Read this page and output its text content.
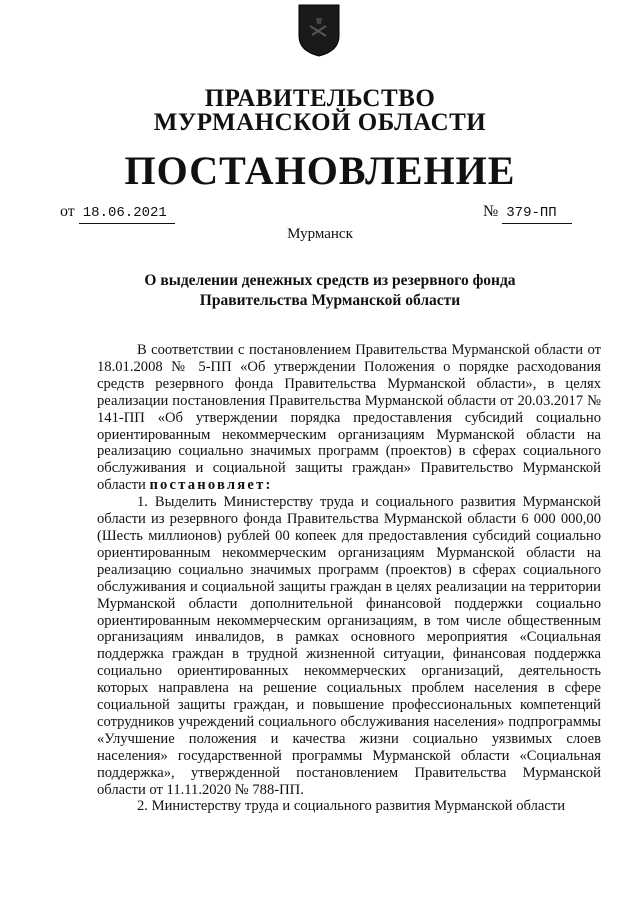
ПРАВИТЕЛЬСТВО
МУРМАНСКОЙ ОБЛАСТИ
ПОСТАНОВЛЕНИЕ
от 18.06.2021	№ 379-ПП
Мурманск
О выделении денежных средств из резервного фонда
Правительства Мурманской области

В соответствии с постановлением Правительства Мурманской области от 18.01.2008 № 5-ПП «Об утверждении Положения о порядке расходования средств резервного фонда Правительства Мурманской области», в целях реализации постановления Правительства Мурманской области от 20.03.2017 № 141-ПП «Об утверждении порядка предоставления субсидий социально ориентированным некоммерческим организациям Мурманской области на реализацию социально значимых программ (проектов) в сферах социального обслуживания и социальной защиты граждан» Правительство Мурманской области постановляет:

1. Выделить Министерству труда и социального развития Мурманской области из резервного фонда Правительства Мурманской области 6 000 000,00 (Шесть миллионов) рублей 00 копеек для предоставления субсидий социально ориентированным некоммерческим организациям Мурманской области на реализацию социально значимых программ (проектов) в сферах социального обслуживания и социальной защиты граждан в целях реализации на территории Мурманской области дополнительной финансовой поддержки социально ориентированным некоммерческим организациям, в том числе общественным организациям инвалидов, в рамках основного мероприятия «Социальная поддержка граждан в трудной жизненной ситуации, финансовая поддержка социально ориентированных некоммерческих организаций, деятельность которых направлена на решение социальных проблем населения в сфере социальной защиты граждан, и повышение профессиональных компетенций сотрудников учреждений социального обслуживания населения» подпрограммы «Улучшение положения и качества жизни социально уязвимых слоев населения» государственной программы Мурманской области «Социальная поддержка», утвержденной постановлением Правительства Мурманской области от 11.11.2020 № 788-ПП.

2. Министерству труда и социального развития Мурманской области
